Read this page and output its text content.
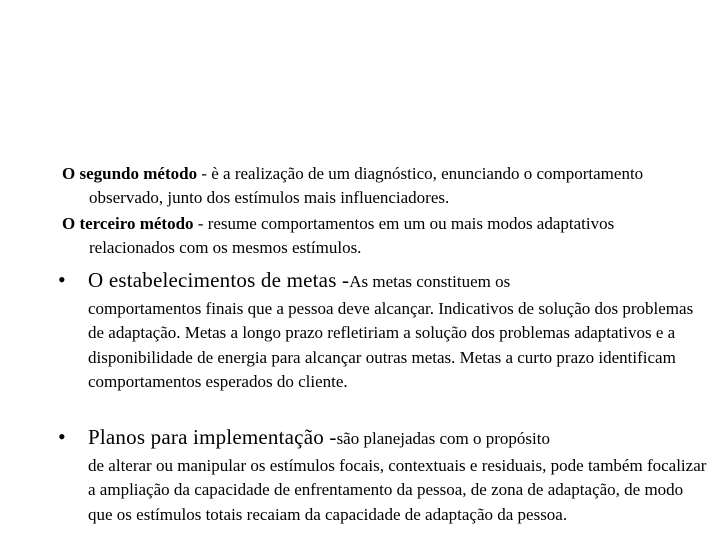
O segundo método - è a realização de um diagnóstico, enunciando o comportamento observado, junto dos estímulos mais influenciadores.
O terceiro método - resume comportamentos em um ou mais modos adaptativos relacionados com os mesmos estímulos.
•	O estabelecimentos de metas - As metas constituem os
comportamentos finais que a pessoa deve alcançar. Indicativos de solução dos problemas de adaptação. Metas a longo prazo refletiriam a solução dos problemas adaptativos e a disponibilidade de energia para alcançar outras metas. Metas a curto prazo identificam comportamentos esperados do cliente.
•	Planos para implementação - são planejadas com o propósito
de alterar ou manipular os estímulos focais, contextuais e residuais, pode também focalizar a ampliação da capacidade de enfrentamento da pessoa, de zona de adaptação, de modo que os estímulos totais recaiam da capacidade de adaptação da pessoa.
